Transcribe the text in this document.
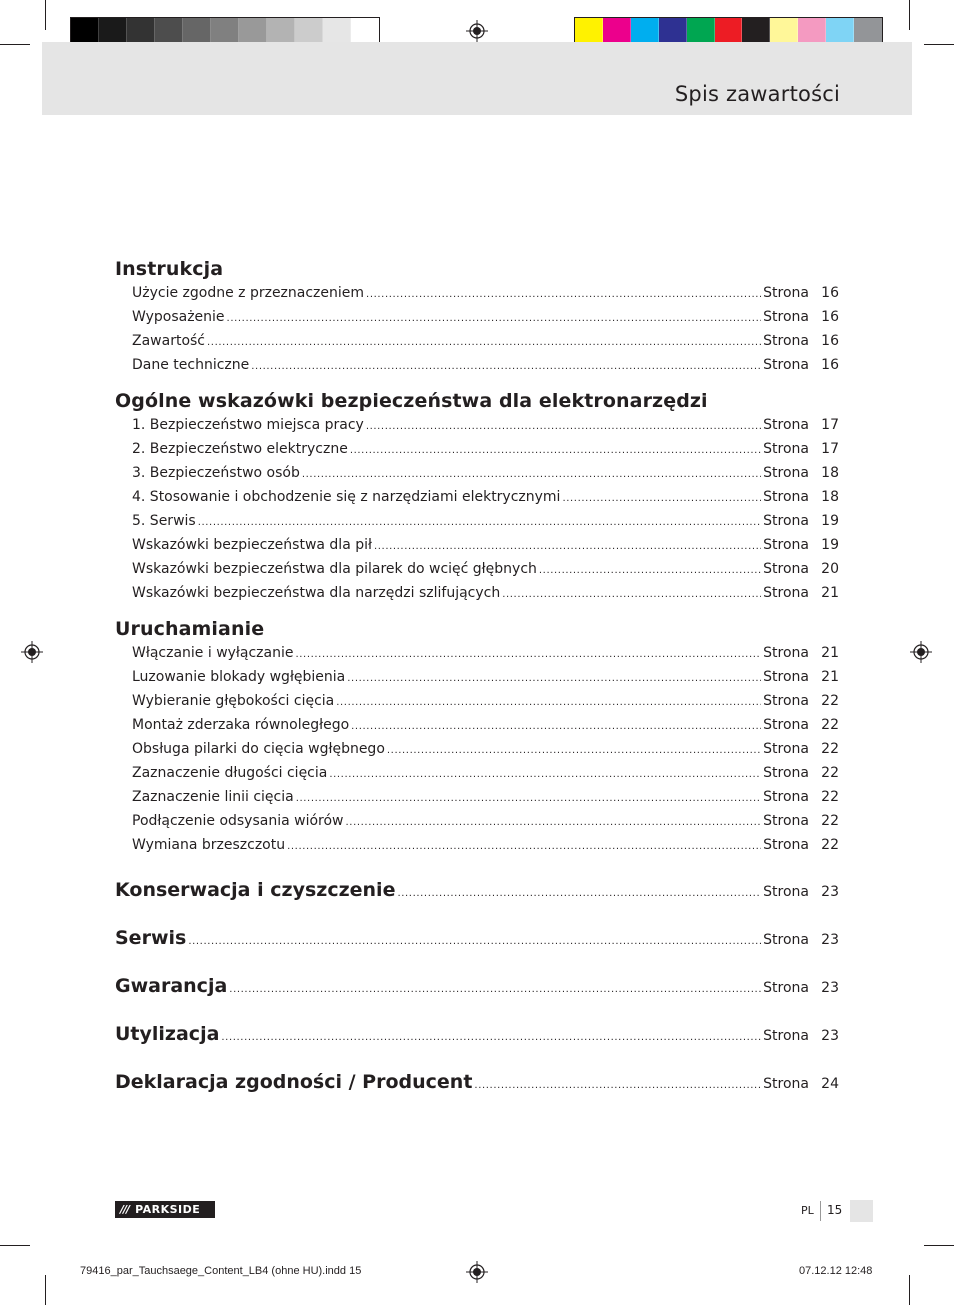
Spis zawartości
Instrukcja
Użycie zgodne z przeznaczeniem .....	Strona 16
Wyposażenie .....	Strona 16
Zawartość .....	Strona 16
Dane techniczne .....	Strona 16
Ogólne wskazówki bezpieczeństwa dla elektronarzędzi
1. Bezpieczeństwo miejsca pracy .....	Strona 17
2. Bezpieczeństwo elektryczne .....	Strona 17
3. Bezpieczeństwo osób .....	Strona 18
4. Stosowanie i obchodzenie się z narzędziami elektrycznymi .....	Strona 18
5. Serwis .....	Strona 19
Wskazówki bezpieczeństwa dla pił .....	Strona 19
Wskazówki bezpieczeństwa dla pilarek do wcięć głębnych .....	Strona 20
Wskazówki bezpieczeństwa dla narzędzi szlifujących .....	Strona 21
Uruchamianie
Włączanie i wyłączanie .....	Strona 21
Luzowanie blokady wgłębienia .....	Strona 21
Wybieranie głębokości cięcia .....	Strona 22
Montaż zderzaka równoległego .....	Strona 22
Obsługa pilarki do cięcia wgłębnego .....	Strona 22
Zaznaczenie długości cięcia .....	Strona 22
Zaznaczenie linii cięcia .....	Strona 22
Podłączenie odsysania wiórów .....	Strona 22
Wymiana brzeszczotu .....	Strona 22
Konserwacja i czyszczenie .....	Strona 23
Serwis .....	Strona 23
Gwarancja .....	Strona 23
Utylizacja .....	Strona 23
Deklaracja zgodności / Producent .....	Strona 24
/// PARKSIDE	PL 15
79416_par_Tauchsaege_Content_LB4 (ohne HU).indd 15	07.12.12 12:48
